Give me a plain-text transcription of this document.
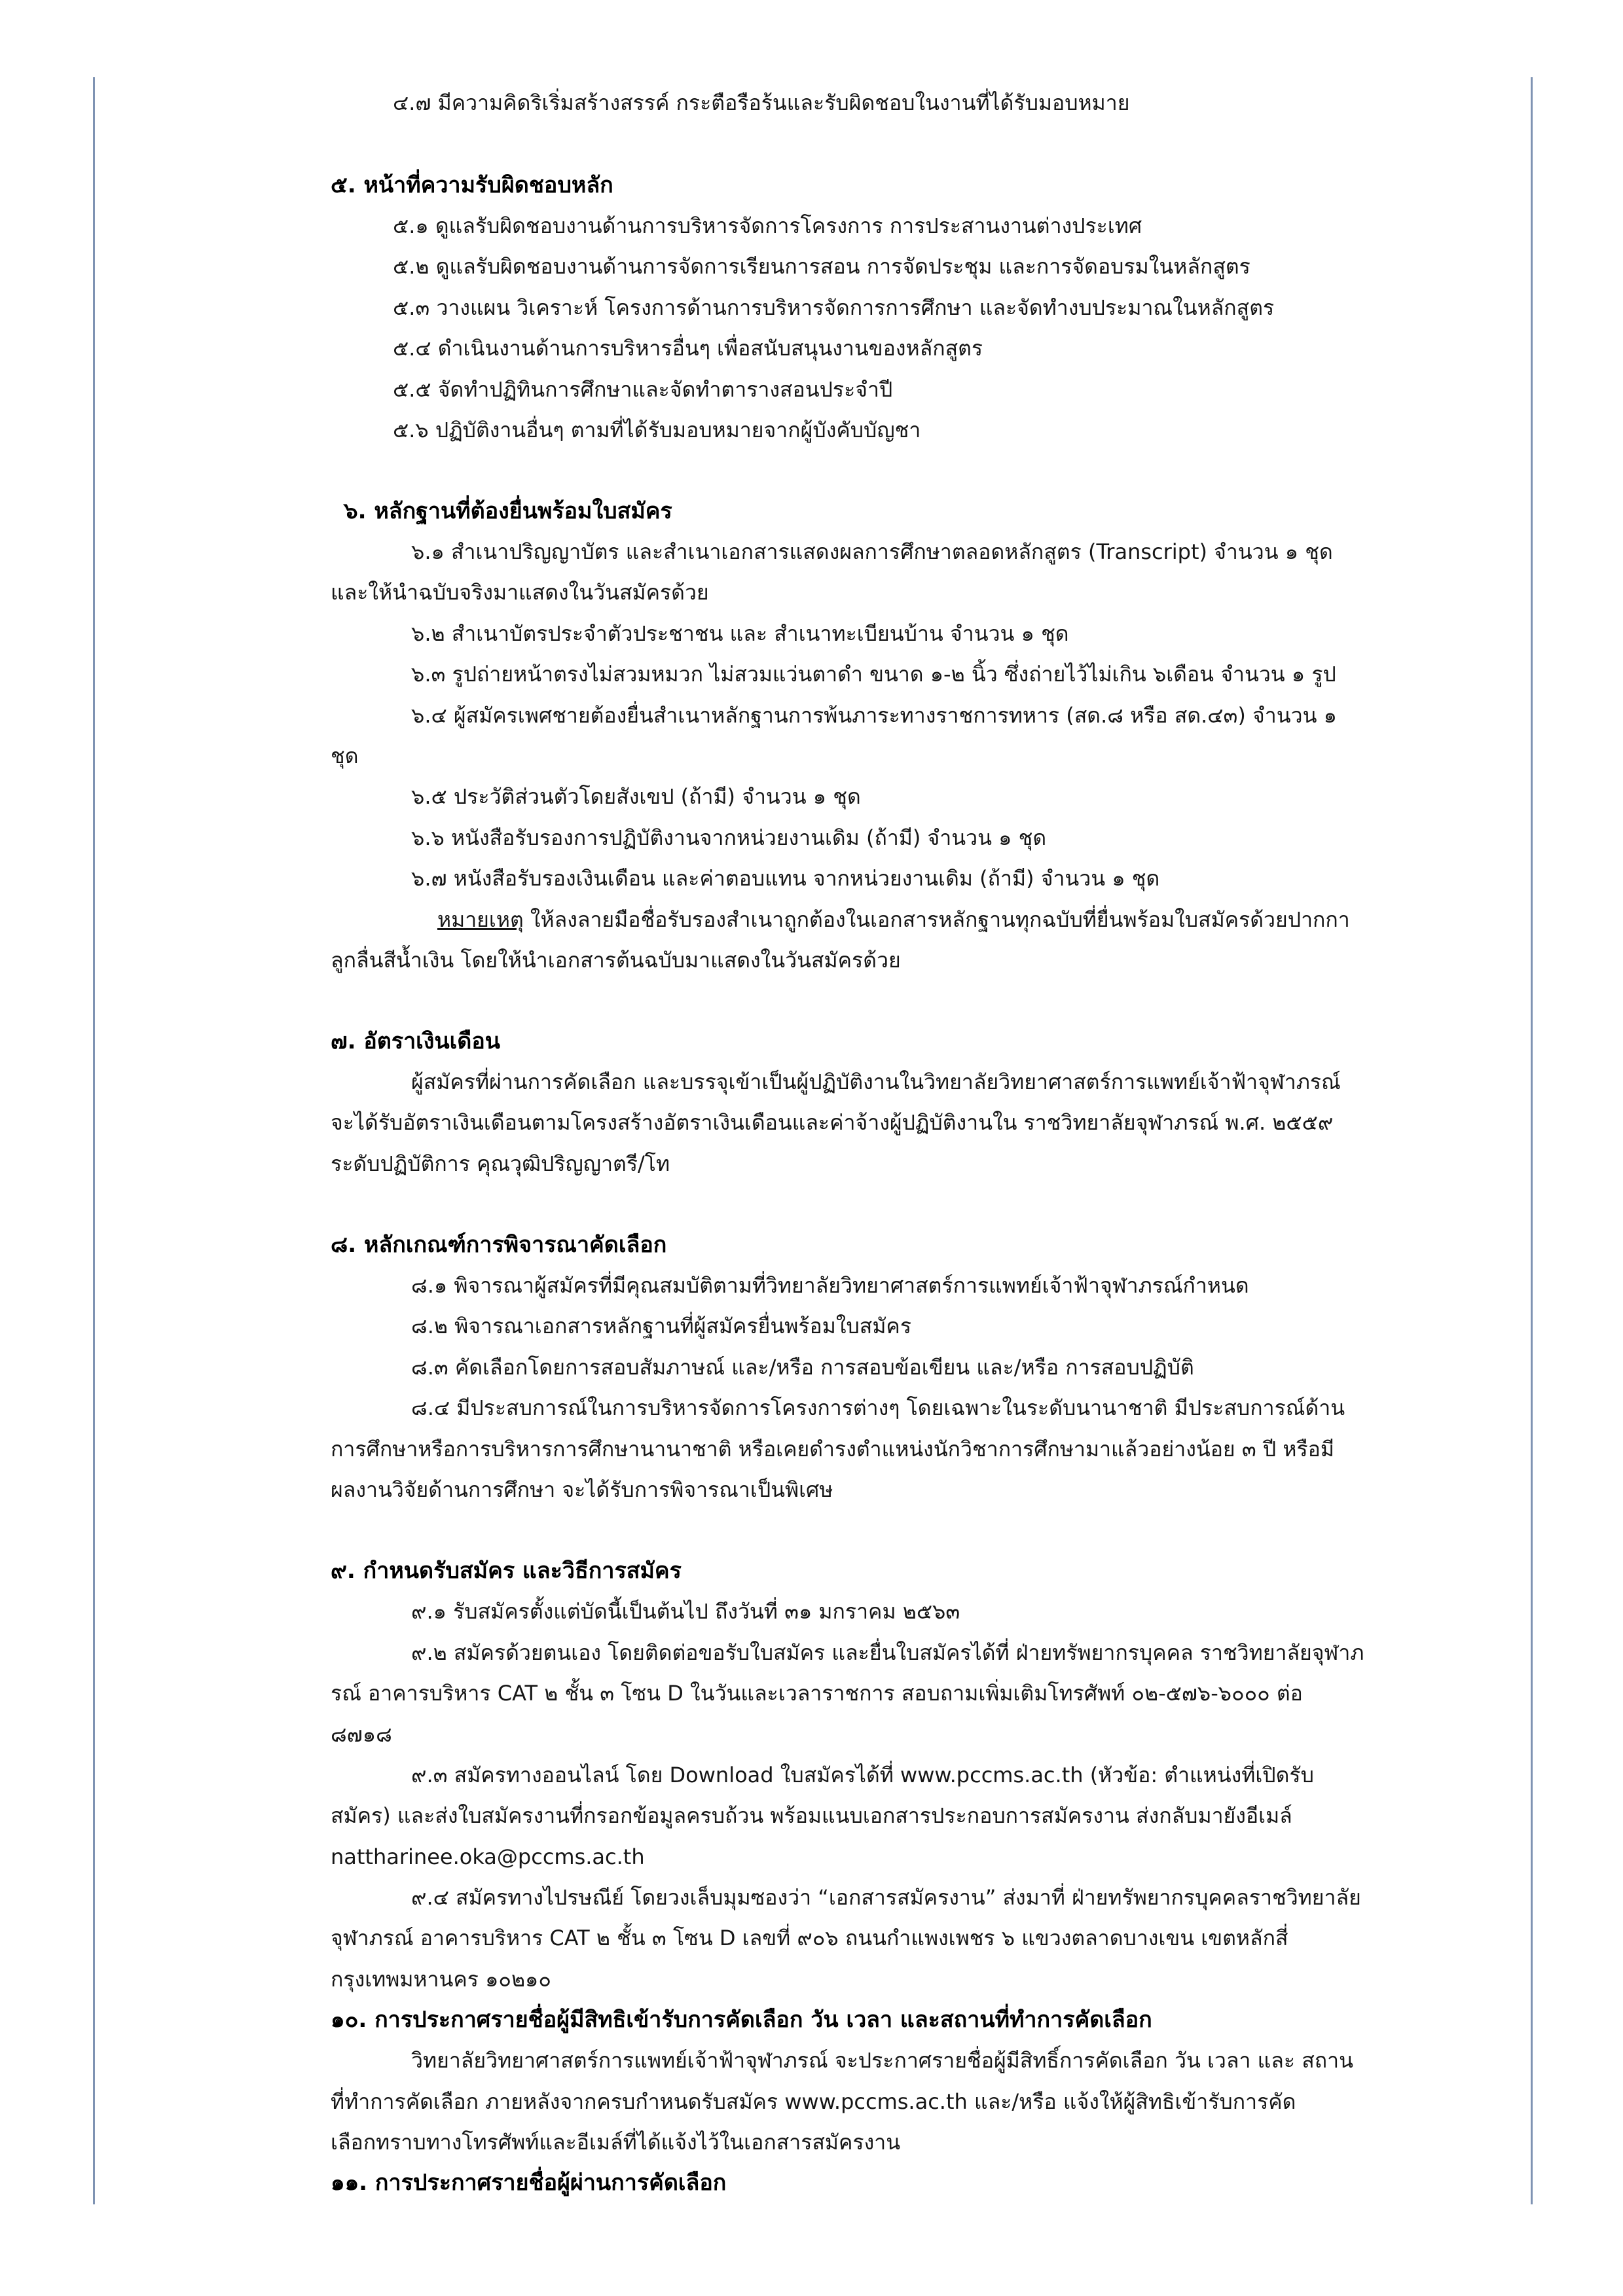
๔.๗ มีความคิดริเริ่มสร้างสรรค์ กระตือรือร้นและรับผิดชอบในงานที่ได้รับมอบหมาย
๕. หน้าที่ความรับผิดชอบหลัก
๕.๑ ดูแลรับผิดชอบงานด้านการบริหารจัดการโครงการ การประสานงานต่างประเทศ
๕.๒ ดูแลรับผิดชอบงานด้านการจัดการเรียนการสอน การจัดประชุม และการจัดอบรมในหลักสูตร
๕.๓ วางแผน วิเคราะห์ โครงการด้านการบริหารจัดการการศึกษา และจัดทำงบประมาณในหลักสูตร
๕.๔ ดำเนินงานด้านการบริหารอื่นๆ เพื่อสนับสนุนงานของหลักสูตร
๕.๕ จัดทำปฏิทินการศึกษาและจัดทำตารางสอนประจำปี
๕.๖ ปฏิบัติงานอื่นๆ ตามที่ได้รับมอบหมายจากผู้บังคับบัญชา
๖. หลักฐานที่ต้องยื่นพร้อมใบสมัคร
๖.๑ สำเนาปริญญาบัตร และสำเนาเอกสารแสดงผลการศึกษาตลอดหลักสูตร (Transcript) จำนวน ๑ ชุด
และให้นำฉบับจริงมาแสดงในวันสมัครด้วย
๖.๒ สำเนาบัตรประจำตัวประชาชน และ สำเนาทะเบียนบ้าน จำนวน ๑ ชุด
๖.๓ รูปถ่ายหน้าตรงไม่สวมหมวก ไม่สวมแว่นตาดำ ขนาด ๑-๒ นิ้ว ซึ่งถ่ายไว้ไม่เกิน ๖เดือน จำนวน ๑ รูป
๖.๔ ผู้สมัครเพศชายต้องยื่นสำเนาหลักฐานการพ้นภาระทางราชการทหาร (สด.๘ หรือ สด.๔๓) จำนวน ๑
ชุด
๖.๕ ประวัติส่วนตัวโดยสังเขป (ถ้ามี) จำนวน ๑ ชุด
๖.๖ หนังสือรับรองการปฏิบัติงานจากหน่วยงานเดิม (ถ้ามี) จำนวน ๑ ชุด
๖.๗ หนังสือรับรองเงินเดือน และค่าตอบแทน จากหน่วยงานเดิม (ถ้ามี) จำนวน ๑ ชุด
หมายเหตุ ให้ลงลายมือชื่อรับรองสำเนาถูกต้องในเอกสารหลักฐานทุกฉบับที่ยื่นพร้อมใบสมัครด้วยปากกา
ลูกลื่นสีน้ำเงิน โดยให้นำเอกสารต้นฉบับมาแสดงในวันสมัครด้วย
๗. อัตราเงินเดือน
ผู้สมัครที่ผ่านการคัดเลือก และบรรจุเข้าเป็นผู้ปฏิบัติงานในวิทยาลัยวิทยาศาสตร์การแพทย์เจ้าฟ้าจุฬาภรณ์
จะได้รับอัตราเงินเดือนตามโครงสร้างอัตราเงินเดือนและค่าจ้างผู้ปฏิบัติงานใน ราชวิทยาลัยจุฬาภรณ์ พ.ศ. ๒๕๕๙
ระดับปฏิบัติการ คุณวุฒิปริญญาตรี/โท
๘. หลักเกณฑ์การพิจารณาคัดเลือก
๘.๑ พิจารณาผู้สมัครที่มีคุณสมบัติตามที่วิทยาลัยวิทยาศาสตร์การแพทย์เจ้าฟ้าจุฬาภรณ์กำหนด
๘.๒ พิจารณาเอกสารหลักฐานที่ผู้สมัครยื่นพร้อมใบสมัคร
๘.๓ คัดเลือกโดยการสอบสัมภาษณ์ และ/หรือ การสอบข้อเขียน และ/หรือ การสอบปฏิบัติ
๘.๔ มีประสบการณ์ในการบริหารจัดการโครงการต่างๆ โดยเฉพาะในระดับนานาชาติ มีประสบการณ์ด้าน
การศึกษาหรือการบริหารการศึกษานานาชาติ หรือเคยดำรงตำแหน่งนักวิชาการศึกษามาแล้วอย่างน้อย ๓ ปี หรือมี
ผลงานวิจัยด้านการศึกษา จะได้รับการพิจารณาเป็นพิเศษ
๙. กำหนดรับสมัคร และวิธีการสมัคร
๙.๑ รับสมัครตั้งแต่บัดนี้เป็นต้นไป ถึงวันที่ ๓๑ มกราคม ๒๕๖๓
๙.๒ สมัครด้วยตนเอง โดยติดต่อขอรับใบสมัคร และยื่นใบสมัครได้ที่ ฝ่ายทรัพยากรบุคคล ราชวิทยาลัยจุฬาภ
รณ์ อาคารบริหาร CAT ๒ ชั้น ๓ โซน D ในวันและเวลาราชการ สอบถามเพิ่มเติมโทรศัพท์ ๐๒-๕๗๖-๖๐๐๐ ต่อ
๘๗๑๘
๙.๓ สมัครทางออนไลน์ โดย Download ใบสมัครได้ที่ www.pccms.ac.th (หัวข้อ: ตำแหน่งที่เปิดรับ
สมัคร) และส่งใบสมัครงานที่กรอกข้อมูลครบถ้วน พร้อมแนบเอกสารประกอบการสมัครงาน ส่งกลับมายังอีเมล์
nattharinee.oka@pccms.ac.th
๙.๔ สมัครทางไปรษณีย์ โดยวงเล็บมุมซองว่า “เอกสารสมัครงาน” ส่งมาที่ ฝ่ายทรัพยากรบุคคลราชวิทยาลัย
จุฬาภรณ์ อาคารบริหาร CAT ๒ ชั้น ๓ โซน D เลขที่ ๙๐๖ ถนนกำแพงเพชร ๖ แขวงตลาดบางเขน เขตหลักสี่
กรุงเทพมหานคร ๑๐๒๑๐
๑๐. การประกาศรายชื่อผู้มีสิทธิเข้ารับการคัดเลือก วัน เวลา และสถานที่ทำการคัดเลือก
วิทยาลัยวิทยาศาสตร์การแพทย์เจ้าฟ้าจุฬาภรณ์ จะประกาศรายชื่อผู้มีสิทธิ์การคัดเลือก วัน เวลา และ สถาน
ที่ทำการคัดเลือก ภายหลังจากครบกำหนดรับสมัคร www.pccms.ac.th และ/หรือ แจ้งให้ผู้สิทธิเข้ารับการคัด
เลือกทราบทางโทรศัพท์และอีเมล์ที่ได้แจ้งไว้ในเอกสารสมัครงาน
๑๑. การประกาศรายชื่อผู้ผ่านการคัดเลือก
